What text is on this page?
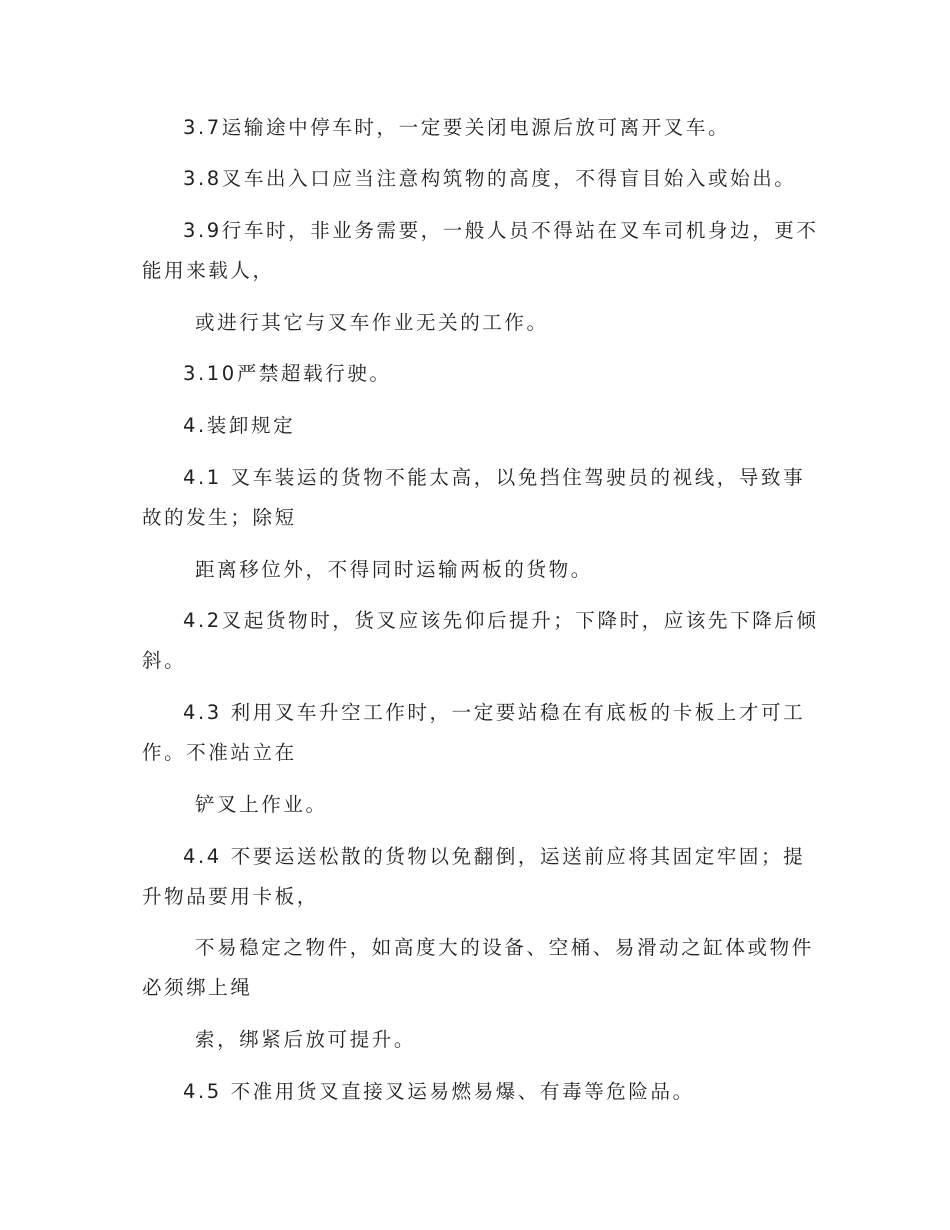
3.7运输途中停车时，一定要关闭电源后放可离开叉车。
3.8叉车出入口应当注意构筑物的高度，不得盲目始入或始出。
3.9行车时，非业务需要，一般人员不得站在叉车司机身边，更不
能用来载人，
或进行其它与叉车作业无关的工作。
3.10严禁超载行驶。
4.装卸规定
4.1 叉车装运的货物不能太高，以免挡住驾驶员的视线，导致事
故的发生；除短
距离移位外，不得同时运输两板的货物。
4.2叉起货物时，货叉应该先仰后提升；下降时，应该先下降后倾
斜。
4.3 利用叉车升空工作时，一定要站稳在有底板的卡板上才可工
作。不准站立在
铲叉上作业。
4.4 不要运送松散的货物以免翻倒，运送前应将其固定牢固；提
升物品要用卡板，
不易稳定之物件，如高度大的设备、空桶、易滑动之缸体或物件
必须绑上绳
索，绑紧后放可提升。
4.5 不准用货叉直接叉运易燃易爆、有毒等危险品。
